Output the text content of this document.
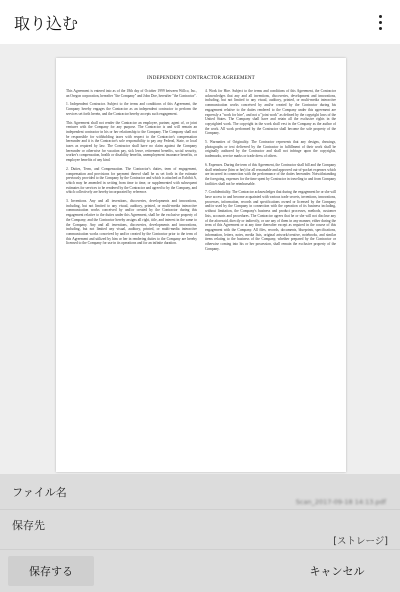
取り込む
INDEPENDENT CONTRACTOR AGREEMENT

This Agreement is entered into as of the 18th day of October 1999 between Willco, Inc., an Oregon corporation, hereafter "the Company" and John Doe, hereafter "the Contractor".

1. Independent Contractor. Subject to the terms and conditions of this Agreement, the Company hereby engages the Contractor as an independent contractor to perform the services set forth herein, and the Contractor hereby accepts such engagement.

This Agreement shall not render the Contractor an employee, partner, agent of, or joint venturer with the Company for any purpose. The Contractor is and will remain an independent contractor in his or her relationship to the Company. The Company shall not be responsible for withholding taxes with respect to the Contractor's compensation hereunder and it is the Contractor's sole responsibility to pay any Federal, State, or local taxes as required by law. The Contractor shall have no claim against the Company hereunder or otherwise for vacation pay, sick leave, retirement benefits, social security, worker's compensation, health or disability benefits, unemployment insurance benefits, or employee benefits of any kind.

2. Duties, Term, and Compensation. The Contractor's duties, term of engagement, compensation and provisions for payment thereof shall be as set forth in the estimate previously provided to the Company by the Contractor and which is attached as Exhibit A, which may be amended in writing from time to time, or supplemented with subsequent estimates for services to be rendered by the Contractor and agreed to by the Company, and which collectively are hereby incorporated by reference.

3. Inventions. Any and all inventions, discoveries, developments and innovations, including, but not limited to any visual, auditory, printed, or multi-media interactive communication works conceived by and/or created by the Contractor during this engagement relative to the duties under this Agreement, shall be the exclusive property of the Company; and the Contractor hereby assigns all right, title, and interest in the same to the Company. Any and all inventions, discoveries, developments and innovations, including, but not limited any visual, auditory, printed, or multi-media interactive communication works conceived by and/or created by the Contractor prior to the term of this Agreement and utilized by him or her in rendering duties to the Company are hereby licensed to the Company for use in its operations and for an infinite duration.

4. Work for Hire. Subject to the terms and conditions of this Agreement, the Contractor acknowledges that any and all inventions, discoveries, development and innovations, including, but not limited to any visual, auditory, printed, or multi-media interactive communication works conceived by and/or created by the Contractor during his engagement relative to the duties rendered to the Company under this agreement are expressly a "work for hire", and not a "joint work" as defined by the copyright laws of the United States. The Company shall have and retain all the exclusive rights in the copyrighted work. The copyright in the work shall vest in the Company as the author of the work. All work performed by the Contractor shall become the sole property of the Company.

5. Warranties of Originality. The Contractor represents that any designs, drawings, photographs or text delivered by the Contractor in fulfillment of their work shall be originally authored by the Contractor and shall not infringe upon the copyrights, trademarks, service marks or trade dress of others.

6. Expenses. During the term of this Agreement, the Contractor shall bill and the Company shall reimburse (him or her) for all reasonable and approved out-of-pocket expenses which are incurred in connection with the performance of the duties hereunder. Notwithstanding the foregoing, expenses for the time spent by Contractor in traveling to and from Company facilities shall not be reimbursable.

7. Confidentiality. The Contractor acknowledges that during the engagement he or she will have access to and become acquainted with various trade secrets, inventions, innovations, processes, information, records and specifications owned or licensed by the Company and/or used by the Company in connection with the operation of its business including, without limitation, the Company's business and product processes, methods, customer lists, accounts and procedures. The Contractor agrees that he or she will not disclose any of the aforesaid, directly or indirectly, or use any of them in any manner, either during the term of this Agreement or at any time thereafter except as required in the course of this engagement with the Company. All files, records, documents, blueprints, specifications, information, letters, notes, media lists, original artwork/creative, notebooks, and similar items relating to the business of the Company, whether prepared by the Contractor or otherwise coming into his or her possession, shall remain the exclusive property of the Company.

ファイル名
Scan_2017-09-18 14:13.pdf
保存先
[ストレージ]
保存する	キャンセル
